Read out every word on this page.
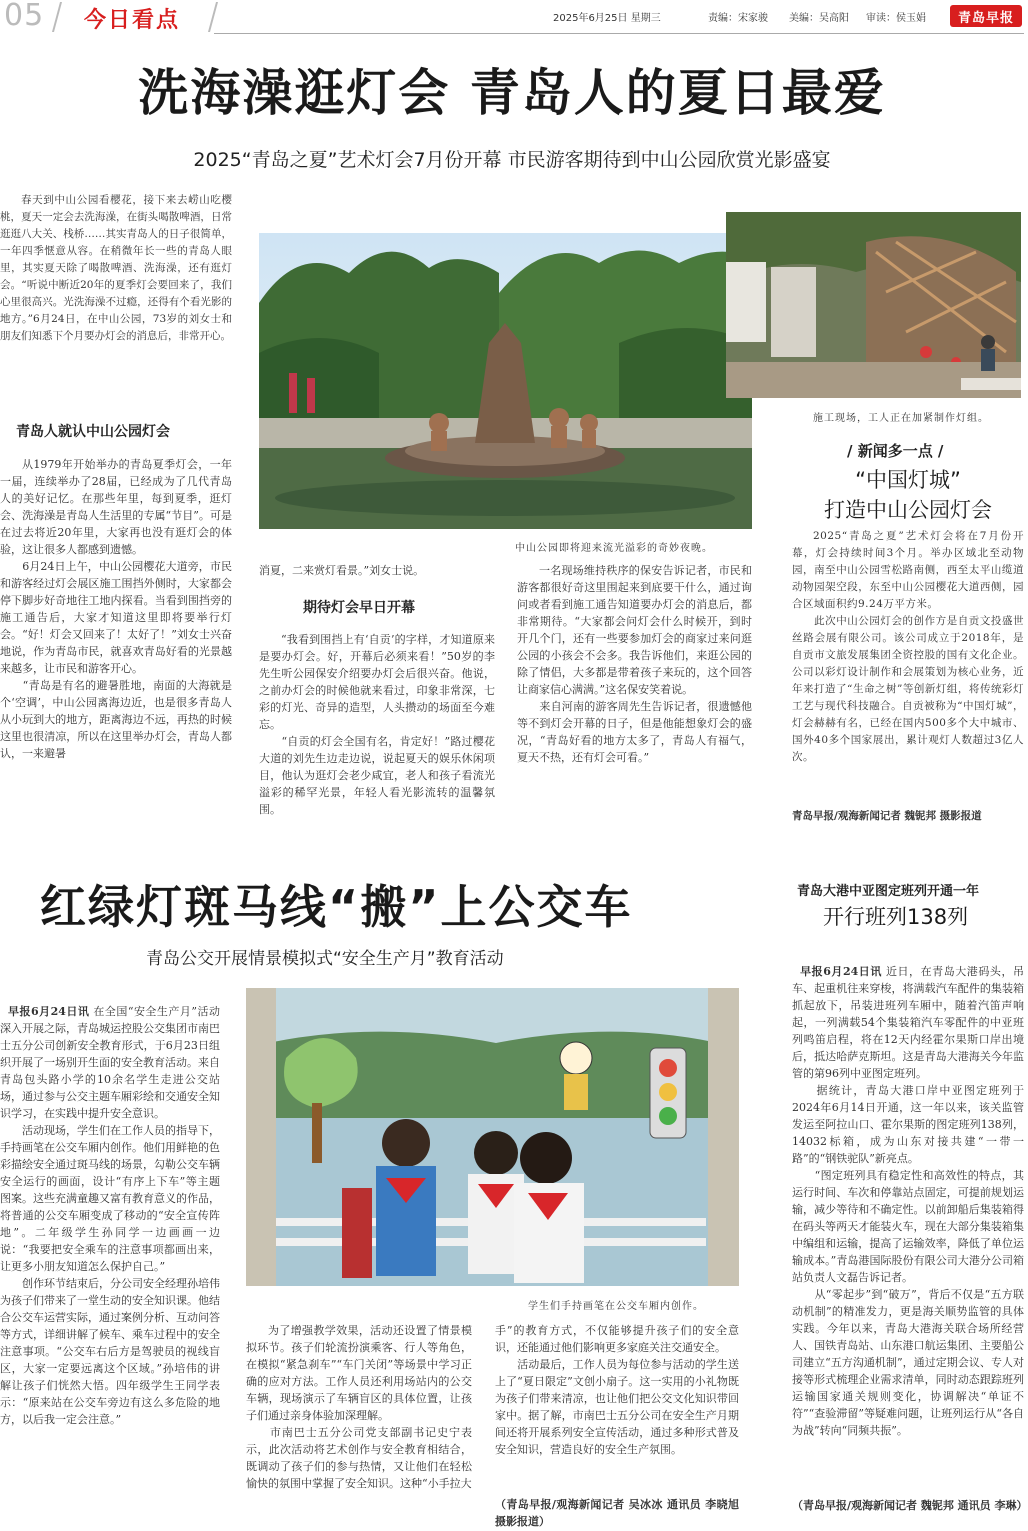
05 今日看点	2025年6月25日 星期三	责编：宋家骏 美编：吴高阳 审读：侯玉娟 青岛早报
洗海澡逛灯会 青岛人的夏日最爱
2025“青岛之夏”艺术灯会7月份开幕 市民游客期待到中山公园欣赏光影盛宴
春天到中山公园看樱花，接下来去崂山吃樱桃，夏天一定会去洗海澡，在街头喝散啤酒，日常逛逛八大关、栈桥……其实青岛人的日子很简单，一年四季惬意从容。在稍微年长一些的青岛人眼里，其实夏天除了喝散啤酒、洗海澡，还有逛灯会。“听说中断近20年的夏季灯会要回来了，我们心里很高兴。光洗海澡不过瘾，还得有个看光影的地方。”6月24日，在中山公园，73岁的刘女士和朋友们知悉下个月要办灯会的消息后，非常开心。
青岛人就认中山公园灯会
从1979年开始举办的青岛夏季灯会，一年一届，连续举办了28届，已经成为了几代青岛人的美好记忆。在那些年里，每到夏季，逛灯会、洗海澡是青岛人生活里的专属“节目”。可是在过去将近20年里，大家再也没有逛灯会的体验，这让很多人都感到遗憾。
　　6月24日上午，中山公园樱花大道旁，市民和游客经过灯会展区施工围挡外侧时，大家都会停下脚步好奇地往工地内探看。当看到围挡旁的施工通告后，大家才知道这里即将要举行灯会。“好！灯会又回来了！太好了！”刘女士兴奋地说，作为青岛市民，就喜欢青岛好看的光景越来越多，让市民和游客开心。
　　“青岛是有名的避暑胜地，南面的大海就是个‘空调’，中山公园离海边近，也是很多青岛人从小玩到大的地方，距离海边不远，再热的时候这里也很清凉，所以在这里举办灯会，青岛人都认，一来避暑
中山公园即将迎来流光溢彩的奇妙夜晚。
消夏，二来赏灯看景。”刘女士说。
期待灯会早日开幕
“我看到围挡上有‘自贡’的字样，才知道原来是要办灯会。好，开幕后必须来看！”50岁的李先生听公园保安介绍要办灯会后很兴奋。他说，之前办灯会的时候他就来看过，印象非常深，七彩的灯光、奇异的造型，人头攒动的场面至今难忘。
　　“自贡的灯会全国有名，肯定好！”路过樱花大道的刘先生边走边说，说起夏天的娱乐休闲项目，他认为逛灯会老少咸宜，老人和孩子看流光溢彩的稀罕光景，年轻人看光影流转的温馨氛围。
一名现场维持秩序的保安告诉记者，市民和游客都很好奇这里围起来到底要干什么，通过询问或者看到施工通告知道要办灯会的消息后，都非常期待。“大家都会问灯会什么时候开，到时开几个门，还有一些要参加灯会的商家过来问逛公园的小孩会不会多。我告诉他们，来逛公园的除了情侣，大多都是带着孩子来玩的，这个回答让商家信心满满。”这名保安笑着说。
　　来自河南的游客周先生告诉记者，很遗憾他等不到灯会开幕的日子，但是他能想象灯会的盛况，“青岛好看的地方太多了，青岛人有福气，夏天不热，还有灯会可看。”
施工现场，工人正在加紧制作灯组。
/ 新闻多一点 /
“中国灯城”
打造中山公园灯会
2025“青岛之夏”艺术灯会将在7月份开幕，灯会持续时间3个月。举办区域北至动物园，南至中山公园雪松路南侧，西至太平山缆道动物园架空段，东至中山公园樱花大道西侧，园合区域面积约9.24万平方米。
　　此次中山公园灯会的创作方是自贡文投盛世丝路会展有限公司。该公司成立于2018年，是自贡市文旅发展集团全资控股的国有文化企业。公司以彩灯设计制作和会展策划为核心业务，近年来打造了“生命之树”等创新灯组，将传统彩灯工艺与现代科技融合。自贡被称为“中国灯城”，灯会赫赫有名，已经在国内500多个大中城市、国外40多个国家展出，累计观灯人数超过3亿人次。
青岛早报/观海新闻记者 魏铌邦 摄影报道
红绿灯斑马线“搬”上公交车
青岛公交开展情景模拟式“安全生产月”教育活动

早报6月24日讯 在全国“安全生产月”活动深入开展之际，青岛城运控股公交集团市南巴士五分公司创新安全教育形式，于6月23日组织开展了一场别开生面的安全教育活动。来自青岛包头路小学的10余名学生走进公交站场，通过参与公交主题车厢彩绘和交通安全知识学习，在实践中提升安全意识。
　　活动现场，学生们在工作人员的指导下，手持画笔在公交车厢内创作。他们用鲜艳的色彩描绘安全通过斑马线的场景，勾勒公交车辆安全运行的画面，设计“有序上下车”等主题图案。这些充满童趣又富有教育意义的作品，将普通的公交车厢变成了移动的“安全宣传阵地”。二年级学生孙同学一边画画一边说：“我要把安全乘车的注意事项都画出来，让更多小朋友知道怎么保护自己。”
　　创作环节结束后，分公司安全经理孙培伟为孩子们带来了一堂生动的安全知识课。他结合公交车运营实际，通过案例分析、互动问答等方式，详细讲解了候车、乘车过程中的安全注意事项。“公交车右后方是驾驶员的视线盲区，大家一定要远离这个区域。”孙培伟的讲解让孩子们恍然大悟。四年级学生王同学表示：“原来站在公交车旁边有这么多危险的地方，以后我一定会注意。”

学生们手持画笔在公交车厢内创作。
为了增强教学效果，活动还设置了情景模拟环节。孩子们轮流扮演乘客、行人等角色，在模拟“紧急刹车”“车门关闭”等场景中学习正确的应对方法。工作人员还利用场站内的公交车辆，现场演示了车辆盲区的具体位置，让孩子们通过亲身体验加深理解。
　　市南巴士五分公司党支部副书记史宁表示，此次活动将艺术创作与安全教育相结合，既调动了孩子们的参与热情，又让他们在轻松愉快的氛围中掌握了安全知识。这种“小手拉大
手”的教育方式，不仅能够提升孩子们的安全意识，还能通过他们影响更多家庭关注交通安全。
　　活动最后，工作人员为每位参与活动的学生送上了“夏日限定”文创小扇子。这一实用的小礼物既为孩子们带来清凉，也让他们把公交文化知识带回家中。据了解，市南巴士五分公司在安全生产月期间还将开展系列安全宣传活动，通过多种形式普及安全知识，营造良好的安全生产氛围。
（青岛早报/观海新闻记者 吴冰冰 通讯员 李晓旭 摄影报道）
青岛大港中亚图定班列开通一年
开行班列138列

早报6月24日讯 近日，在青岛大港码头，吊车、起重机往来穿梭，将满载汽车配件的集装箱抓起放下，吊装进班列车厢中，随着汽笛声响起，一列满载54个集装箱汽车零配件的中亚班列鸣笛启程，将在12天内经霍尔果斯口岸出境后，抵达哈萨克斯坦。这是青岛大港海关今年监管的第96列中亚图定班列。
　　据统计，青岛大港口岸中亚图定班列于2024年6月14日开通，这一年以来，该关监管发运至阿拉山口、霍尔果斯的图定班列138列，14032标箱，成为山东对接共建“一带一路”的“钢铁驼队”新亮点。
　　“图定班列具有稳定性和高效性的特点，其运行时间、车次和停靠站点固定，可提前规划运输，减少等待和不确定性。以前卸船后集装箱得在码头等两天才能装火车，现在大部分集装箱集中编组和运输，提高了运输效率，降低了单位运输成本。”青岛港国际股份有限公司大港分公司箱站负责人文磊告诉记者。
　　从“零起步”到“破万”，背后不仅是“五方联动机制”的精准发力，更是海关顺势监管的具体实践。今年以来，青岛大港海关联合场所经营人、国铁青岛站、山东港口航运集团、主要船公司建立“五方沟通机制”，通过定期会议、专人对接等形式梳理企业需求清单，同时动态跟踪班列运输国家通关规则变化，协调解决“单证不符”“查验滞留”等疑难问题，让班列运行从“各自为战”转向“同频共振”。

（青岛早报/观海新闻记者 魏铌邦 通讯员 李琳）
